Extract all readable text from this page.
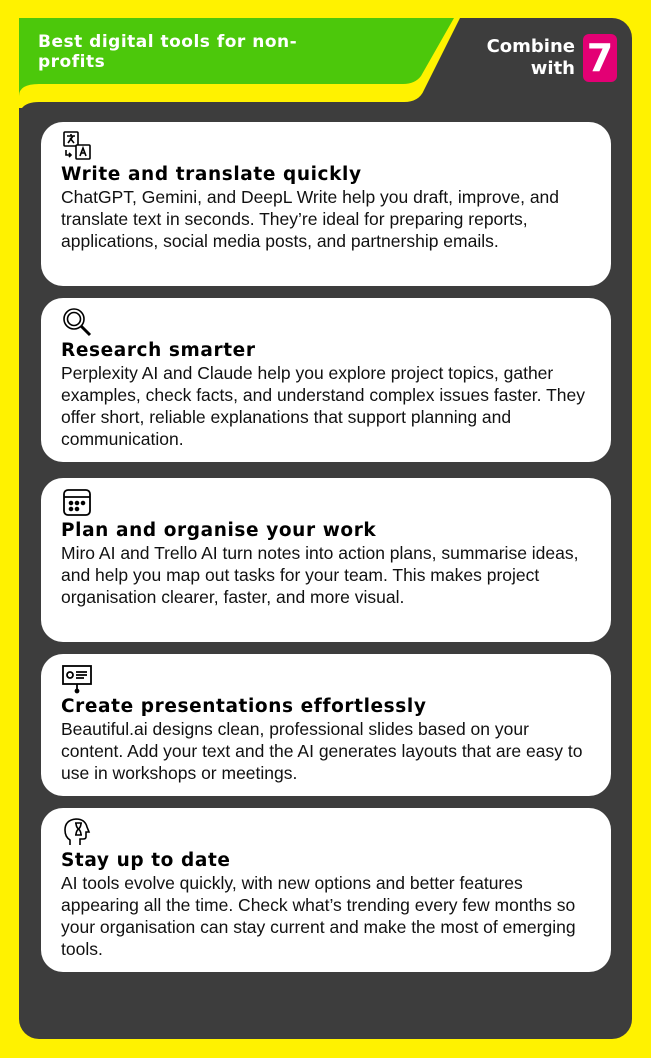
Best digital tools for non-profits
Combine with 7
Write and translate quickly

ChatGPT, Gemini, and DeepL Write help you draft, improve, and translate text in seconds. They’re ideal for preparing reports, applications, social media posts, and partnership emails.

Research smarter

Perplexity AI and Claude help you explore project topics, gather examples, check facts, and understand complex issues faster. They offer short, reliable explanations that support planning and communication.

Plan and organise your work

Miro AI and Trello AI turn notes into action plans, summarise ideas, and help you map out tasks for your team. This makes project organisation clearer, faster, and more visual.

Create presentations effortlessly

Beautiful.ai designs clean, professional slides based on your content. Add your text and the AI generates layouts that are easy to use in workshops or meetings.

Stay up to date

AI tools evolve quickly, with new options and better features appearing all the time. Check what’s trending every few months so your organisation can stay current and make the most of emerging tools.
